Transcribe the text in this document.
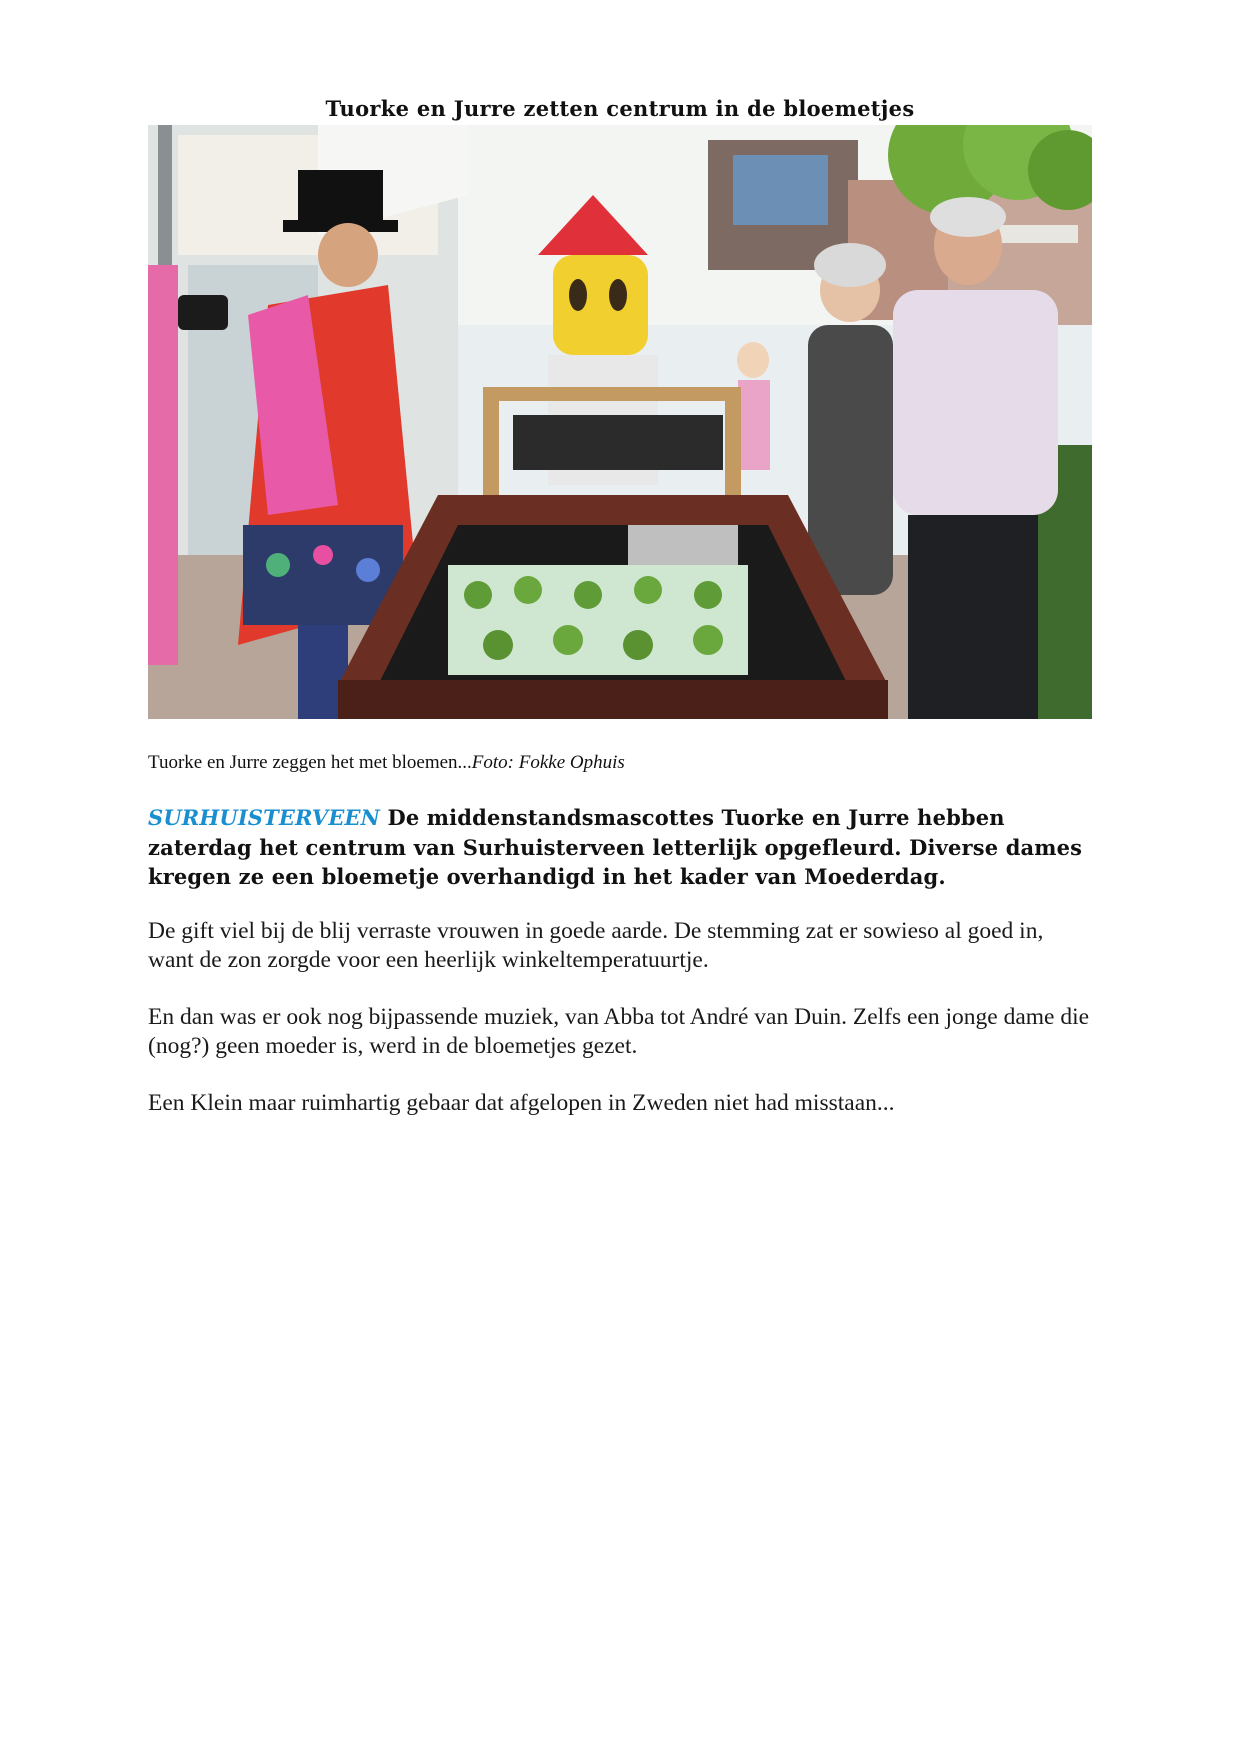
Tuorke en Jurre zetten centrum in de bloemetjes

Tuorke en Jurre zeggen het met bloemen...Foto: Fokke Ophuis

SURHUISTERVEEN De middenstandsmascottes Tuorke en Jurre hebben zaterdag het centrum van Surhuisterveen letterlijk opgefleurd. Diverse dames kregen ze een bloemetje overhandigd in het kader van Moederdag.

De gift viel bij de blij verraste vrouwen in goede aarde. De stemming zat er sowieso al goed in, want de zon zorgde voor een heerlijk winkeltemperatuurtje.

En dan was er ook nog bijpassende muziek, van Abba tot André van Duin. Zelfs een jonge dame die (nog?) geen moeder is, werd in de bloemetjes gezet.

Een Klein maar ruimhartig gebaar dat afgelopen in Zweden niet had misstaan...
